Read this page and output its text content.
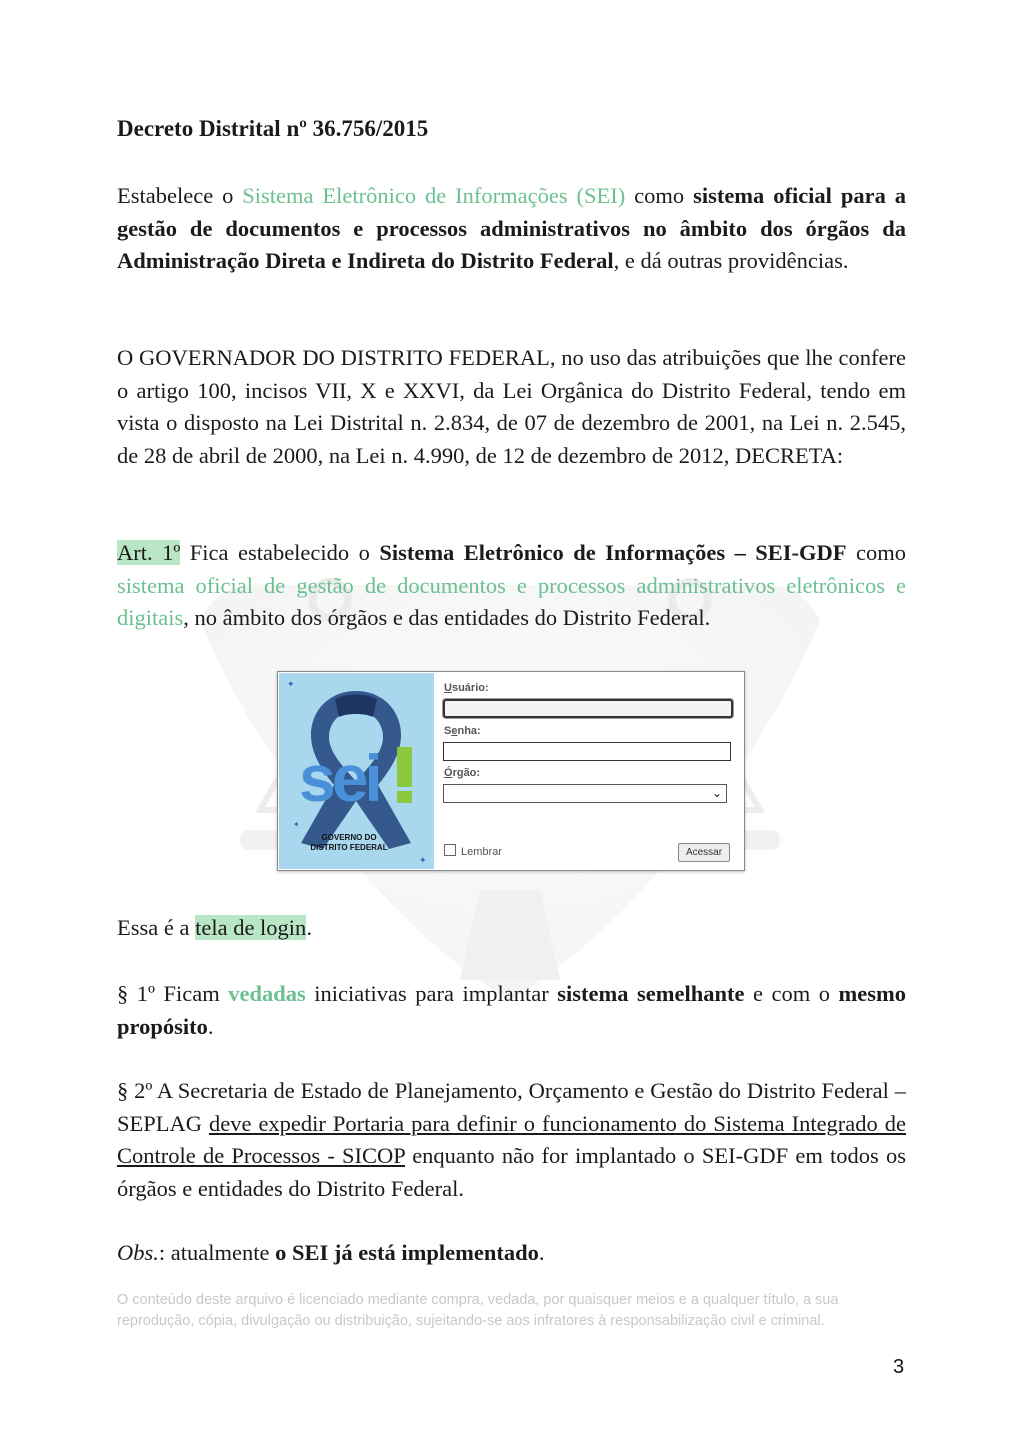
Decreto Distrital nº 36.756/2015

Estabelece o Sistema Eletrônico de Informações (SEI) como sistema oficial para a gestão de documentos e processos administrativos no âmbito dos órgãos da Administração Direta e Indireta do Distrito Federal, e dá outras providências.

O GOVERNADOR DO DISTRITO FEDERAL, no uso das atribuições que lhe confere o artigo 100, incisos VII, X e XXVI, da Lei Orgânica do Distrito Federal, tendo em vista o disposto na Lei Distrital n. 2.834, de 07 de dezembro de 2001, na Lei n. 2.545, de 28 de abril de 2000, na Lei n. 4.990, de 12 de dezembro de 2012, DECRETA:

Art. 1º Fica estabelecido o Sistema Eletrônico de Informações – SEI-GDF como sistema oficial de gestão de documentos e processos administrativos eletrônicos e digitais, no âmbito dos órgãos e das entidades do Distrito Federal.

sei
GOVERNO DO
DISTRITO FEDERAL
✦
✦
✦
Usuário:
Senha:
Órgão:
⌄
Lembrar	Acessar

Essa é a tela de login.

§ 1º Ficam vedadas iniciativas para implantar sistema semelhante e com o mesmo propósito.

§ 2º A Secretaria de Estado de Planejamento, Orçamento e Gestão do Distrito Federal – SEPLAG deve expedir Portaria para definir o funcionamento do Sistema Integrado de Controle de Processos - SICOP enquanto não for implantado o SEI-GDF em todos os órgãos e entidades do Distrito Federal.

Obs.: atualmente o SEI já está implementado.

O conteúdo deste arquivo é licenciado mediante compra, vedada, por quaisquer meios e a qualquer título, a sua reprodução, cópia, divulgação ou distribuição, sujeitando-se aos infratores à responsabilização civil e criminal.

3
